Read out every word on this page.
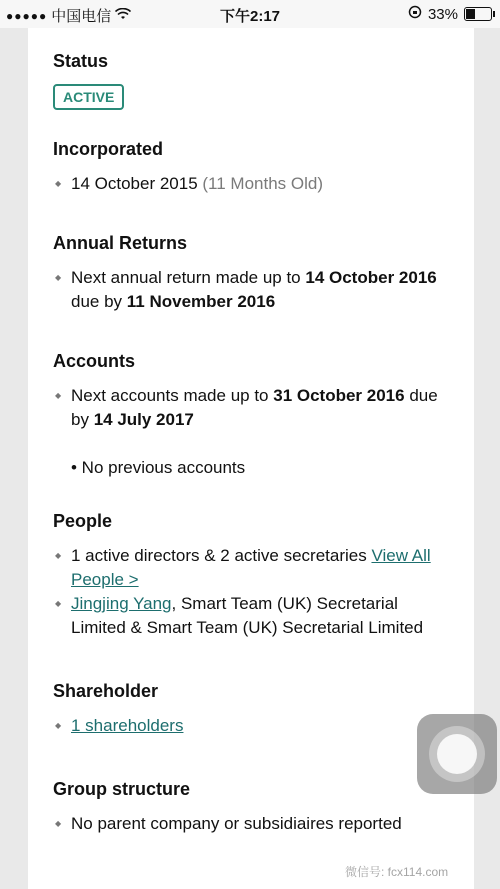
●●●●● 中国电信	下午2:17	33%
Status
ACTIVE
Incorporated
◆ 14 October 2015 (11 Months Old)
Annual Returns
◆ Next annual return made up to 14 October 2016 due by 11 November 2016
Accounts
◆ Next accounts made up to 31 October 2016 due by 14 July 2017
• No previous accounts
People
◆ 1 active directors & 2 active secretaries View All People >
◆ Jingjing Yang, Smart Team (UK) Secretarial Limited & Smart Team (UK) Secretarial Limited
Shareholder
◆ 1 shareholders
Group structure
◆ No parent company or subsidiaires reported
微信号: fcx114.com
